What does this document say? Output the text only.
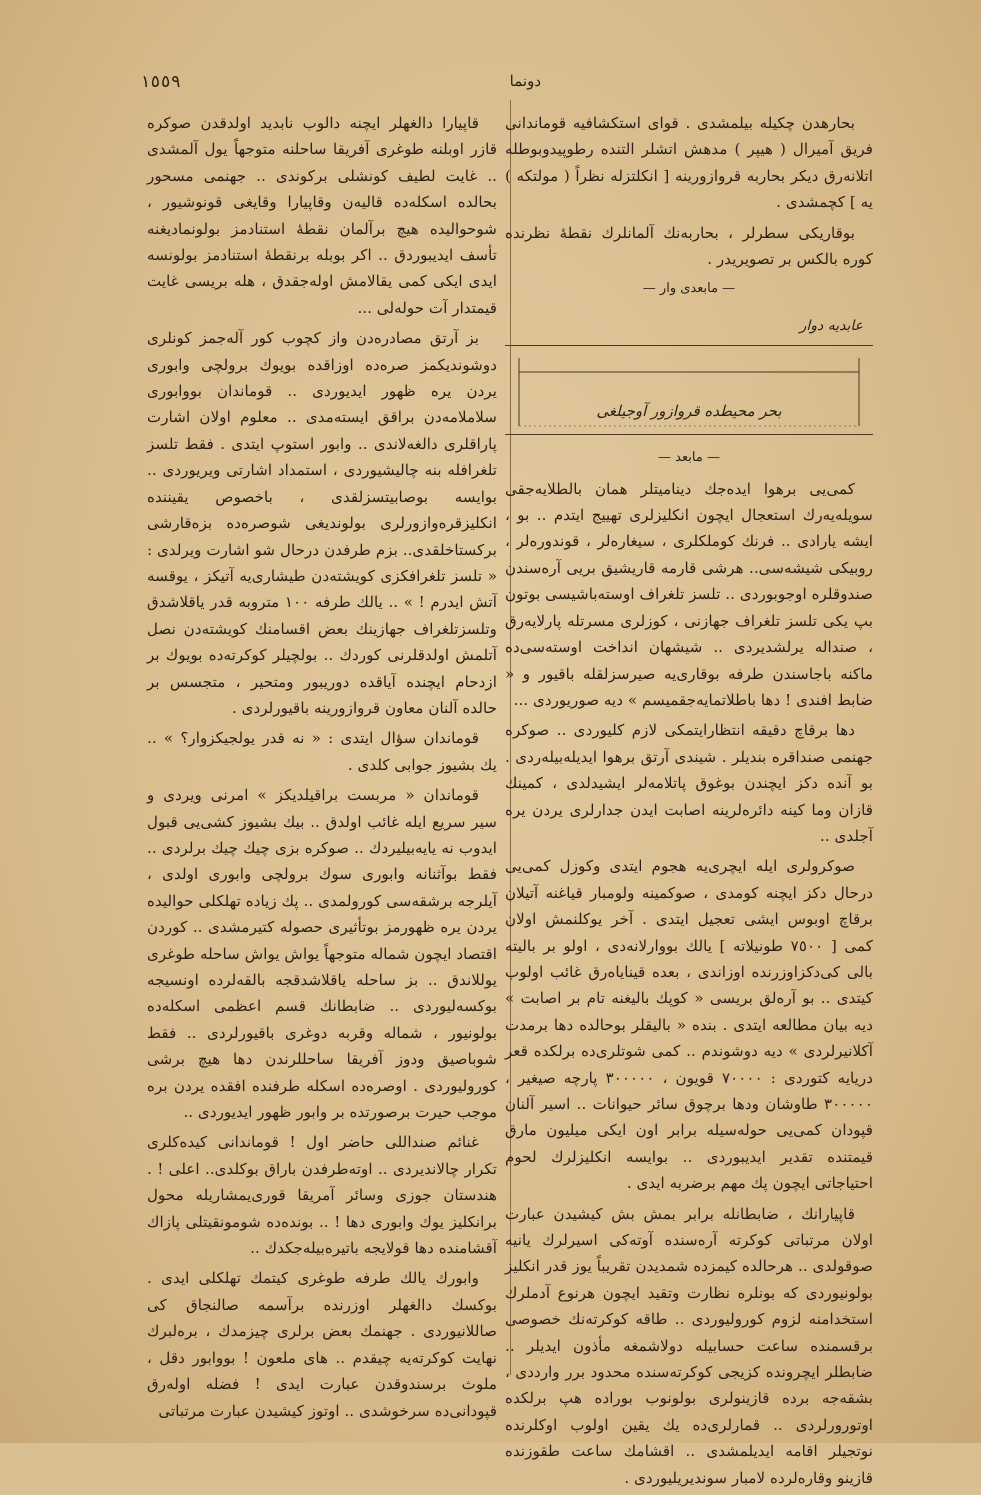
دونما
١٥٥٩

بحارهدن چكيله بيلمشدى . قواى استكشافيه قوماندانى فريق آميرال ( هيپر ) مدهش اتشلر التنده رطوپيدوبوطلە اتلانەرق ديكر بحاربه قروازورينه [ انكلتزله نظراً ( مولتكه ) يه ] كچمشدى .

بوقاريكى سطرلر ، بحاربه‌نك آلمانلرك نقطهٔ نظرنده كوره بالكس بر تصويريدر .

— مابعدى وار —
عابديه دوار
بحر محيطده قروازور آوجيلغى
— مابعد —

كمى‌يى برهوا ايدەجك ديناميتلر همان بالطلايه‌جقى سويلەيه‌رك استعجال ايچون انكليزلرى تهييج ايتدم .. بو ، ايشه يارادى .. فرنك كوملكلرى ، سيغارەلر ، قوندورەلر ، روبيكى شيشه‌سى.. هرشى قارمه قاريشيق بريى آرەسندن صندوقلره اوجوبوردى .. تلسز تلغراف اوسته‌باشيسى بوتون بپ يكى تلسز تلغراف جهازنى ، كوزلرى مسرتله پارلايەرق ، صنداله يرلشديردى .. شيشهان انداخت اوستەسى‌ده ماكنه باجاسندن طرفه بوقارى‌يه صيرسزلقله باقيور و « ضابط افندى ! دها باطلاتمايه‌جقميسم » ديه صوريوردى ...

دها برقاچ دقيقه انتظارايتمكى لازم كليوردى .. صوكره جهنمى صنداقره بنديلر . شيندى آرتق برهوا ايديلەبيلەردى . بو آنده دكز ايچندن بوغوق پاتلامەلر ايشيدلدى ، كمينك قازان وما كينه دائرەلرينه اصابت ايدن جدارلرى يردن يره آجلدى ..

صوكرولرى ايله ايچرى‌يه هجوم ايتدى وكوزل كمى‌يى درحال دكز ايچنه كومدى ، صوكمينه ولومبار قياغنه آتيلان برقاچ اوبوس ايشى تعجيل ايتدى . آخر يوكلنمش اولان كمى [ ٧٥٠٠ طونيلاته ] يالك بووارلانەدى ، اولو بر باليته بالى كى‌دكزاوزرنده اوزاندى ، بعده قيناياەرق غائب اولوب كيتدى .. بو آرەلق بريسى « كوپك باليغنه تام بر اصابت » ديه بيان مطالعه ايتدى . بنده « باليقلر بوحالده دها برمدت آكلانيرلردى » ديه دوشوندم .. كمى شوتلرى‌ده برلكده قعر دريايه كتوردى : ٧٠٠٠٠ قويون ، ٣٠٠٠٠٠ پارچه صيغير ، ٣٠٠٠٠٠ طاوشان ودها برچوق سائر حيوانات .. اسير آلنان قپودان كمى‌يى حولەسيله برابر اون ايكى ميليون مارق قيمتنده تقدير ايديبوردى .. بوايسه انكليزلرك لحوم احتياجاتى ايچون پك مهم برضربه ايدى .

قاپيارانك ، ضابطانله برابر بمش بش كيشيدن عبارت اولان مرتباتى كوكرته آرەسنده آوتەكى اسيرلرك يانيه صوقولدى .. هرحالده كيمزده شمديدن تقريباً يوز قدر انكليز بولونيوردى كه بونلره نظارت وتقيد ايچون هرنوع آدملرك استخدامنه لزوم كوروليوردى .. طاقه كوكرته‌نك خصوصى برقسمنده ساعت حسابيله دولاشمغه مأذون ايديلر .. ضابطلر ايچرونده كزيجى كوكرته‌سنده محدود برر وارددى ، بشقەجه برده قازينولرى بولونوب بوراده هپ برلكده اوتورورلردى .. قمارلرى‌ده يك يقين اولوب اوكلرنده نوتجيلر اقامه ايديلمشدى .. اقشامك ساعت طقوزنده قازينو وقارەلرده لامبار سونديريليوردى .

قاپيارا دالغهلر ايچنه دالوب نابديد اولدقدن صوكره قازر اوبلنه طوغرى آفريقا ساحلنه متوجهاً يول آلمشدى .. غايت لطيف كونشلى بركوندى .. جهنمى مسحور بحالده اسكلەده قاليەن وقاپيارا وقايغى قونوشيور ، شوحواليده هيچ برآلمان نقطهٔ استنادمز بولونماديغنه تأسف ايديبوردق .. اكر بوبله برنقطهٔ استنادمز بولونسه ايدى ايكى كمى يقالامش اوله‌جقدق ، هله بريسى غايت قيمتدار آت حولەلى ...

بز آرتق مصادرەدن واز كچوب كور آلەجمز كونلرى دوشونديكمز صره‌ده اوزاقده بويوك برولچى وابورى يردن يره ظهور ايديوردى .. قوماندان بووابورى سلاملامەدن براقق ايستەمدى .. معلوم اولان اشارت پاراقلرى دالغەلاندى .. وابور استوپ ايتدى . فقط تلسز تلغرافله بنه چاليشيوردى ، استمداد اشارتى ويريوردى .. بوايسه بوصابيتسزلقدى ، باخصوص يقيننده انكليزقرەوازورلرى بولونديغى شوصره‌ده بزەقارشى بركستاخلقدى.. بزم طرفدن درحال شو اشارت ويرلدى : « تلسز تلغرافكزى كويشتەدن طيشارى‌يه آتيكز ، يوقسه آتش ايدرم ! » .. يالك طرفه ١٠٠ متروبه قدر ياقلاشدق وتلسزتلغراف جهازينك بعض اقسامنك كويشتەدن نصل آتلمش اولدقلرنى كوردك .. بولچيلر كوكرته‌ده بويوك بر ازدحام ايچنده آياقده دوريبور ومتحير ، متجسس بر حالده آلنان معاون قروازورينه باقيورلردى .

قوماندان سؤال ايتدى : « نه قدر يولجيكزوار؟ » .. يك بشيوز جوابى كلدى .

قوماندان « مربست براقيلديكز » امرنى ويردى و سير سريع ايله غائب اولدق .. بيك بشيوز كشى‌يى قبول ايدوب نه يايەبيليردك .. صوكره بزى چيك چيك برلردى .. فقط بوآثنانه وابورى سوك برولچى وابورى اولدى ، آيلرجه برشقه‌سى كورولمدى .. پك زياده تهلكلى حواليده يردن يره ظهورمز بوتأثيرى حصوله كتيرمشدى .. كوردن اقتصاد ايچون شماله متوجهاً يواش يواش ساحله طوغرى يوللاندق .. بز ساحله ياقلاشدقجه بالقەلرده اونسيجە بوكسەليوردى .. ضابطانك قسم اعظمى اسكلەده بولونيور ، شماله وقربه دوغرى باقيورلردى .. فقط شوباصيق ودوز آفريقا ساحللرندن دها هيچ برشى كوروليوردى . اوصره‌ده اسكله طرفنده افقده يردن بره موجب حيرت برصورتده بر وابور ظهور ايديوردى ..

غنائم صنداللى حاضر اول ! قوماندانى كيدەكلرى تكرار چالانديردى .. اوتەطرفدن باراق بوكلدى.. اعلى ! . هندستان جوزى وسائر آمريقا قورى‌يمشاريله محول برانكليز يوك وابورى دها ! .. بونده‌ده شومونقيتلى پازاك آقشامنده دها قولايجه باتيره‌بيله‌جكدك ..

وابورك يالك طرفه طوغرى كيتمك تهلكلى ايدى . بوكسك دالغهلر اوزرنده برآسمه صالنجاق كى صاللانيوردى . جهنمك بعض برلرى چيزمدك ، برەلبرك نهايت كوكرته‌يه چيقدم .. هاى ملعون ! بووابور دقل ، ملوث برسندوقدن عبارت ايدى ! فضله اولەرق قپودانى‌ده سرخوشدى .. اوتوز كيشيدن عبارت مرتباتى
